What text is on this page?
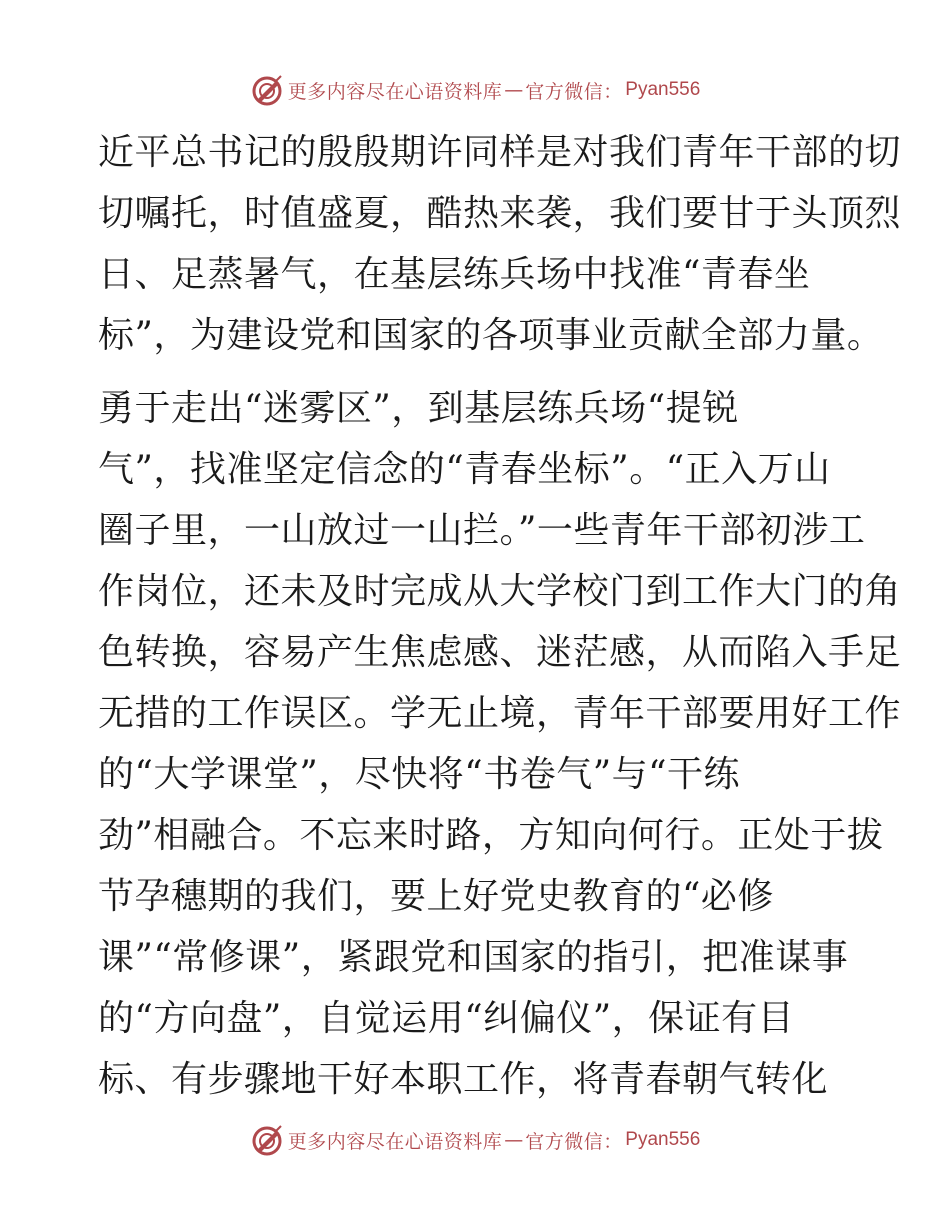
更多内容尽在心语资料库 — 官方微信 ： Pyan556
近平总书记的殷殷期许同样是对我们青年干部的切
切嘱托，时值盛夏，酷热来袭，我们要甘于头顶烈
日、足蒸暑气，在基层练兵场中找准“青春坐
标”，为建设党和国家的各项事业贡献全部力量。
勇于走出“迷雾区”，到基层练兵场“提锐
气”，找准坚定信念的“青春坐标”。“正入万山
圈子里，一山放过一山拦。”一些青年干部初涉工
作岗位，还未及时完成从大学校门到工作大门的角
色转换，容易产生焦虑感、迷茫感，从而陷入手足
无措的工作误区。学无止境，青年干部要用好工作
的“大学课堂”，尽快将“书卷气”与“干练
劲”相融合。不忘来时路，方知向何行。正处于拔
节孕穗期的我们，要上好党史教育的“必修
课”“常修课”，紧跟党和国家的指引，把准谋事
的“方向盘”，自觉运用“纠偏仪”，保证有目
标、有步骤地干好本职工作，将青春朝气转化
更多内容尽在心语资料库 — 官方微信 ： Pyan556
